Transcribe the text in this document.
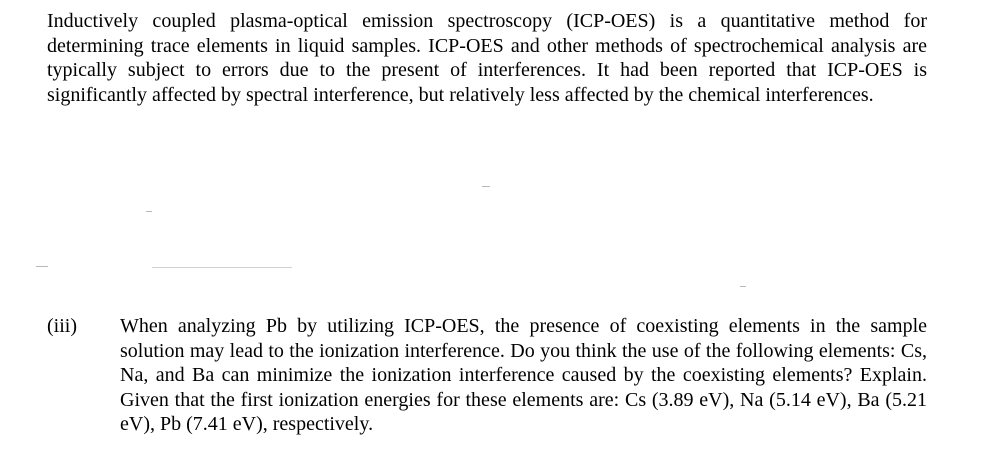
Inductively coupled plasma-optical emission spectroscopy (ICP-OES) is a quantitative method for determining trace elements in liquid samples. ICP-OES and other methods of spectrochemical analysis are typically subject to errors due to the present of interferences. It had been reported that ICP-OES is significantly affected by spectral interference, but relatively less affected by the chemical interferences.

(iii) When analyzing Pb by utilizing ICP-OES, the presence of coexisting elements in the sample solution may lead to the ionization interference. Do you think the use of the following elements: Cs, Na, and Ba can minimize the ionization interference caused by the coexisting elements? Explain. Given that the first ionization energies for these elements are: Cs (3.89 eV), Na (5.14 eV), Ba (5.21 eV), Pb (7.41 eV), respectively.
